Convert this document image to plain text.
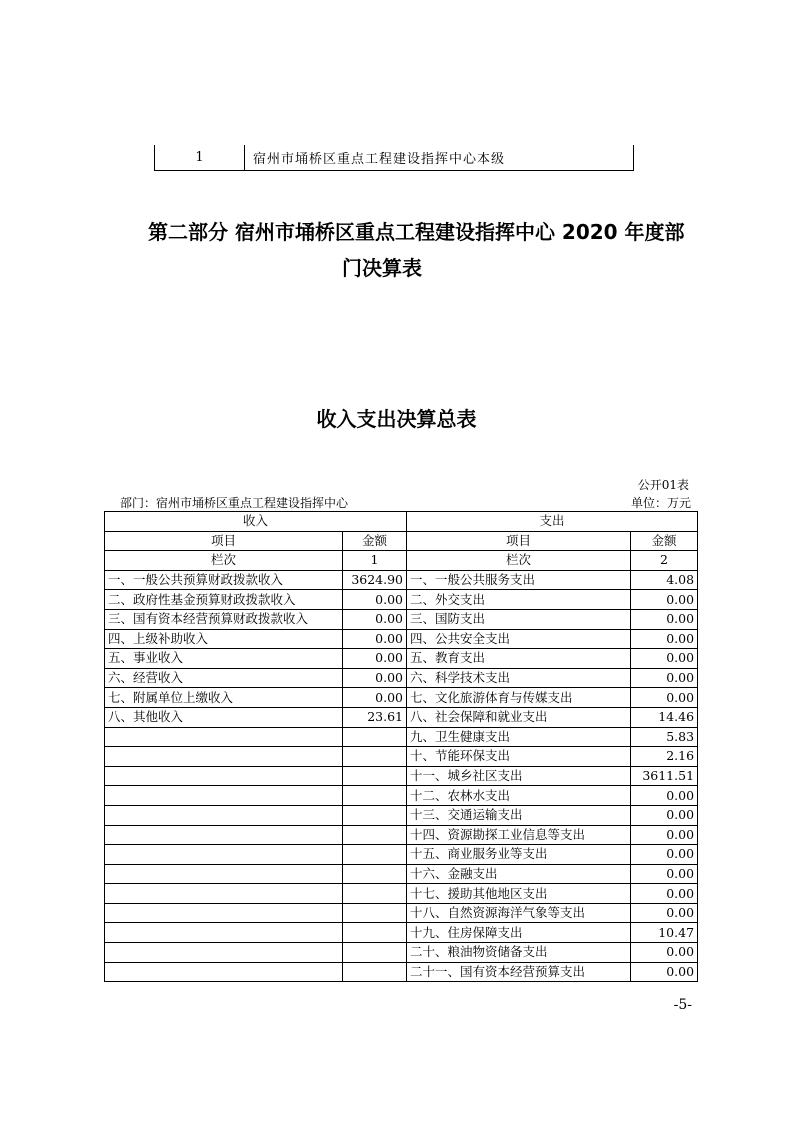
1	宿州市埇桥区重点工程建设指挥中心本级
第二部分 宿州市埇桥区重点工程建设指挥中心 2020 年度部
门决算表
收入支出决算总表
公开01表
部门：宿州市埇桥区重点工程建设指挥中心	单位：万元
收入		支出	
项目	金额	项目	金额
栏次	1	栏次	2
一、一般公共预算财政拨款收入	3624.90	一、一般公共服务支出	4.08
二、政府性基金预算财政拨款收入	0.00	二、外交支出	0.00
三、国有资本经营预算财政拨款收入	0.00	三、国防支出	0.00
四、上级补助收入	0.00	四、公共安全支出	0.00
五、事业收入	0.00	五、教育支出	0.00
六、经营收入	0.00	六、科学技术支出	0.00
七、附属单位上缴收入	0.00	七、文化旅游体育与传媒支出	0.00
八、其他收入	23.61	八、社会保障和就业支出	14.46
		九、卫生健康支出	5.83
		十、节能环保支出	2.16
		十一、城乡社区支出	3611.51
		十二、农林水支出	0.00
		十三、交通运输支出	0.00
		十四、资源勘探工业信息等支出	0.00
		十五、商业服务业等支出	0.00
		十六、金融支出	0.00
		十七、援助其他地区支出	0.00
		十八、自然资源海洋气象等支出	0.00
		十九、住房保障支出	10.47
		二十、粮油物资储备支出	0.00
		二十一、国有资本经营预算支出	0.00
-5-
